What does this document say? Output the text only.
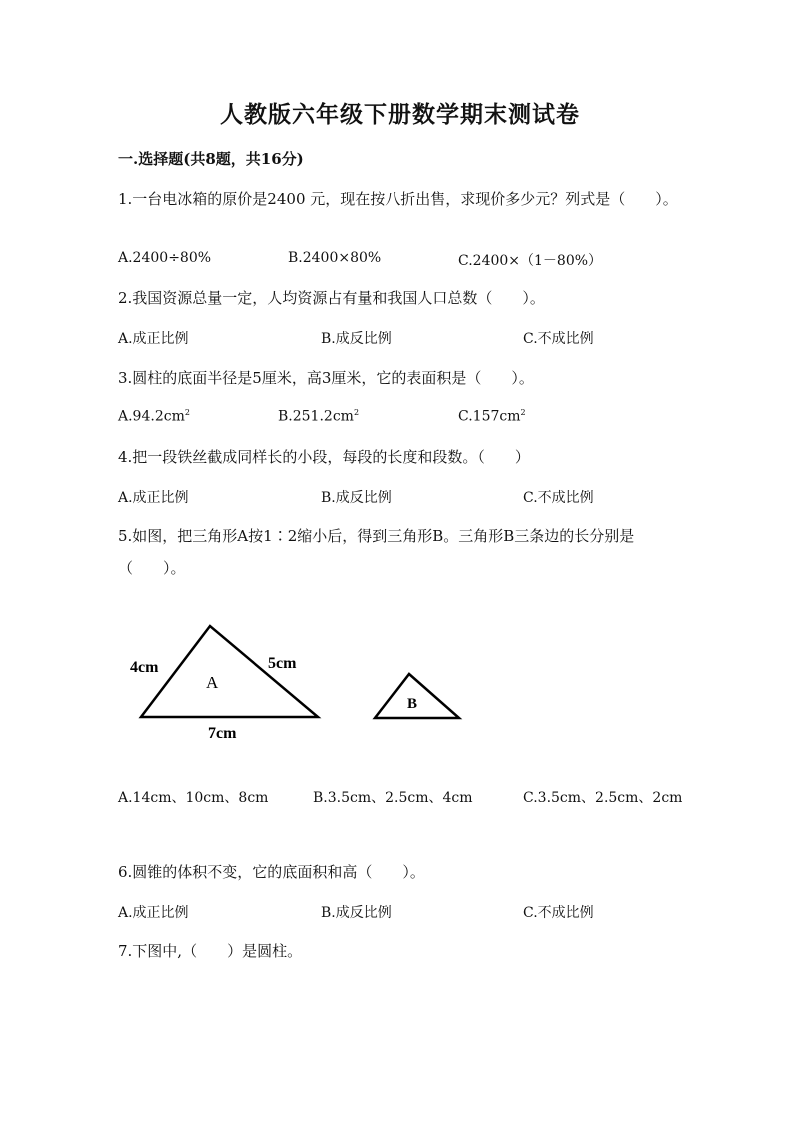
人教版六年级下册数学期末测试卷
一.选择题(共8题，共16分)
1.一台电冰箱的原价是2400 元，现在按八折出售，求现价多少元？列式是（　　）。
A.2400÷80%	B.2400×80%	C.2400×（1－80%）
2.我国资源总量一定，人均资源占有量和我国人口总数（　　）。
A.成正比例	B.成反比例	C.不成比例
3.圆柱的底面半径是5厘米，高3厘米，它的表面积是（　　）。
$A.94.2cm^2$	$B.251.2cm^2$	$C.157cm^2$
4.把一段铁丝截成同样长的小段，每段的长度和段数。（　　）
A.成正比例	B.成反比例	C.不成比例
5.如图，把三角形A按1∶2缩小后，得到三角形B。三角形B三条边的长分别是（　　）。
A
4cm	5cm
7cm
B
A.14cm、10cm、8cm	B.3.5cm、2.5cm、4cm	C.3.5cm、2.5cm、2cm
6.圆锥的体积不变，它的底面积和高（　　）。
A.成正比例	B.成反比例	C.不成比例
7.下图中,（　　）是圆柱。
